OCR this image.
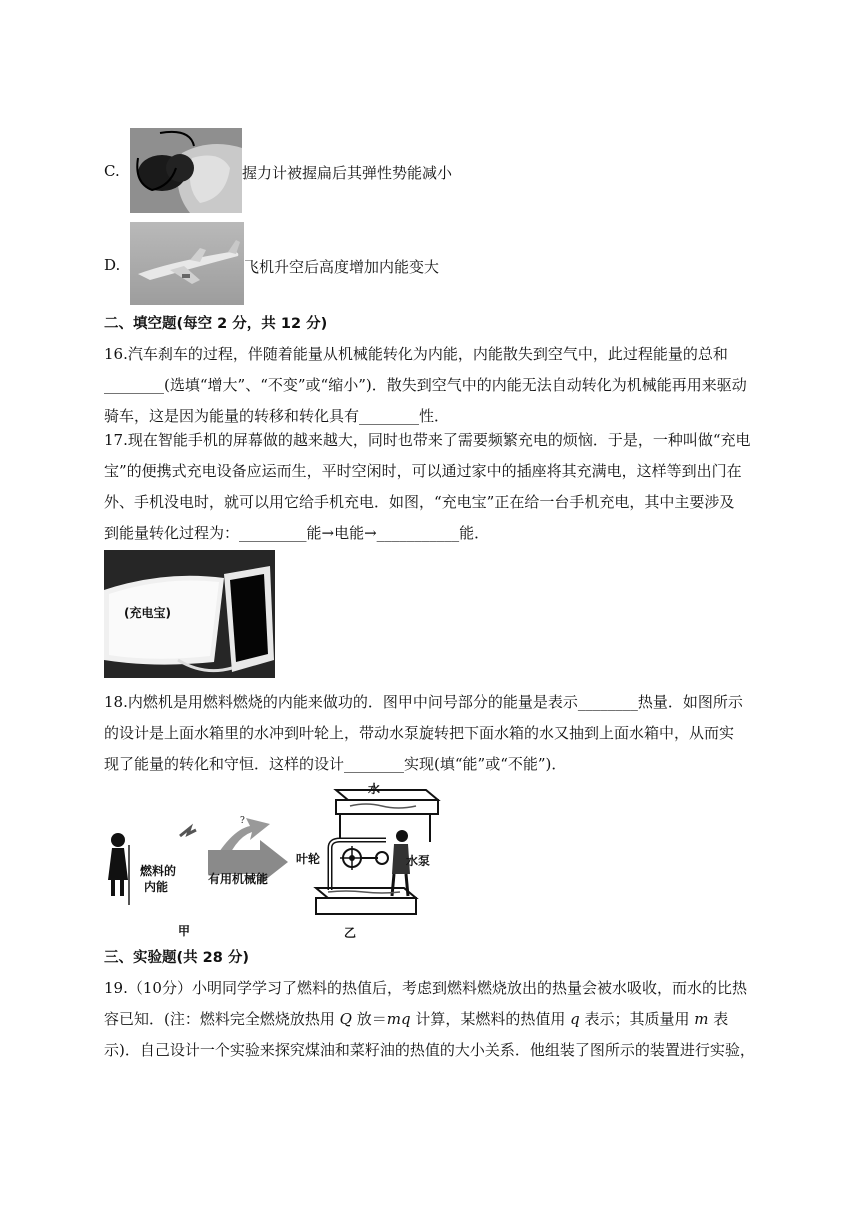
C.	握力计被握扁后其弹性势能减小
D.	飞机升空后高度增加内能变大
二、填空题(每空 2 分，共 12 分)
16.汽车刹车的过程，伴随着能量从机械能转化为内能，内能散失到空气中，此过程能量的总和
________(选填“增大”、“不变”或“缩小”)．散失到空气中的内能无法自动转化为机械能再用来驱动
骑车，这是因为能量的转移和转化具有________性．
17.现在智能手机的屏幕做的越来越大，同时也带来了需要频繁充电的烦恼．于是，一种叫做“充电
宝”的便携式充电设备应运而生，平时空闲时，可以通过家中的插座将其充满电，这样等到出门在
外、手机没电时，就可以用它给手机充电．如图，“充电宝”正在给一台手机充电，其中主要涉及
到能量转化过程为：_________能→电能→___________能．
(充电宝)
18.内燃机是用燃料燃烧的内能来做功的．图甲中问号部分的能量是表示________热量．如图所示
的设计是上面水箱里的水冲到叶轮上，带动水泵旋转把下面水箱的水又抽到上面水箱中，从而实
现了能量的转化和守恒．这样的设计________实现(填“能”或“不能”)．
燃料的
内能
?
有用机械能
甲
水
叶轮	水泵
乙
三、实验题(共 28 分)
19.（10分）小明同学学习了燃料的热值后，考虑到燃料燃烧放出的热量会被水吸收，而水的比热
容已知．(注：燃料完全燃烧放热用 Q 放＝mq 计算，某燃料的热值用 q 表示；其质量用 m 表
示)．自己设计一个实验来探究煤油和菜籽油的热值的大小关系．他组装了图所示的装置进行实验，
